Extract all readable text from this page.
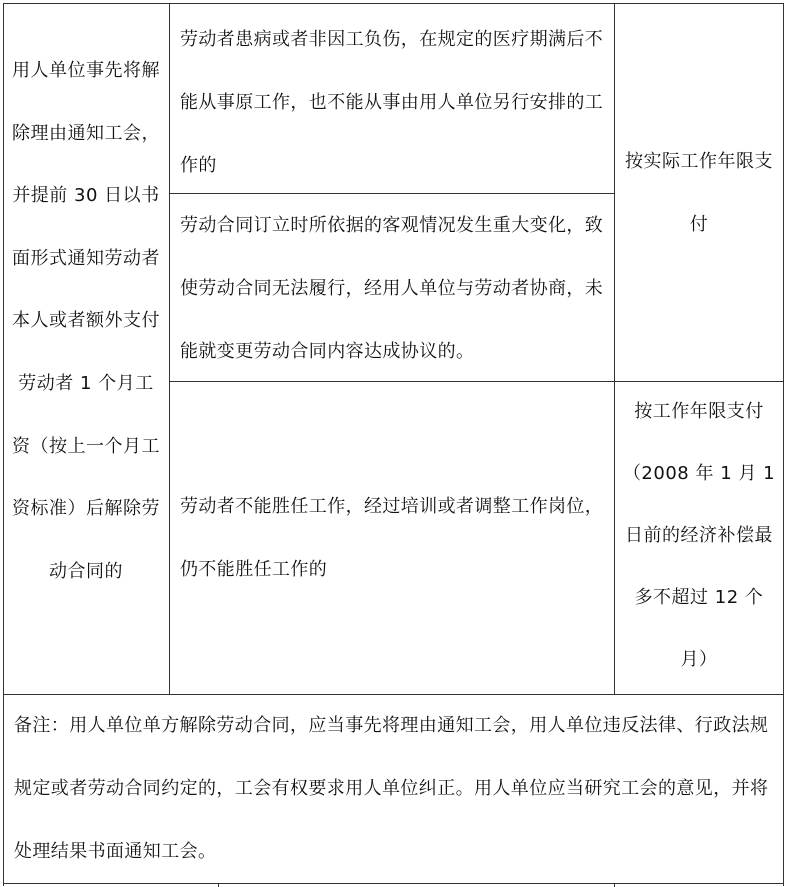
用人单位事先将解除理由通知工会，并提前 30 日以书面形式通知劳动者本人或者额外支付劳动者 1 个月工资（按上一个月工资标准）后解除劳动合同的
劳动者患病或者非因工负伤，在规定的医疗期满后不能从事原工作，也不能从事由用人单位另行安排的工作的
劳动合同订立时所依据的客观情况发生重大变化，致使劳动合同无法履行，经用人单位与劳动者协商，未能就变更劳动合同内容达成协议的。
劳动者不能胜任工作，经过培训或者调整工作岗位，仍不能胜任工作的
按实际工作年限支付
按工作年限支付（2008 年 1 月 1 日前的经济补偿最多不超过 12 个月）
备注：用人单位单方解除劳动合同，应当事先将理由通知工会，用人单位违反法律、行政法规规定或者劳动合同约定的，工会有权要求用人单位纠正。用人单位应当研究工会的意见，并将处理结果书面通知工会。
